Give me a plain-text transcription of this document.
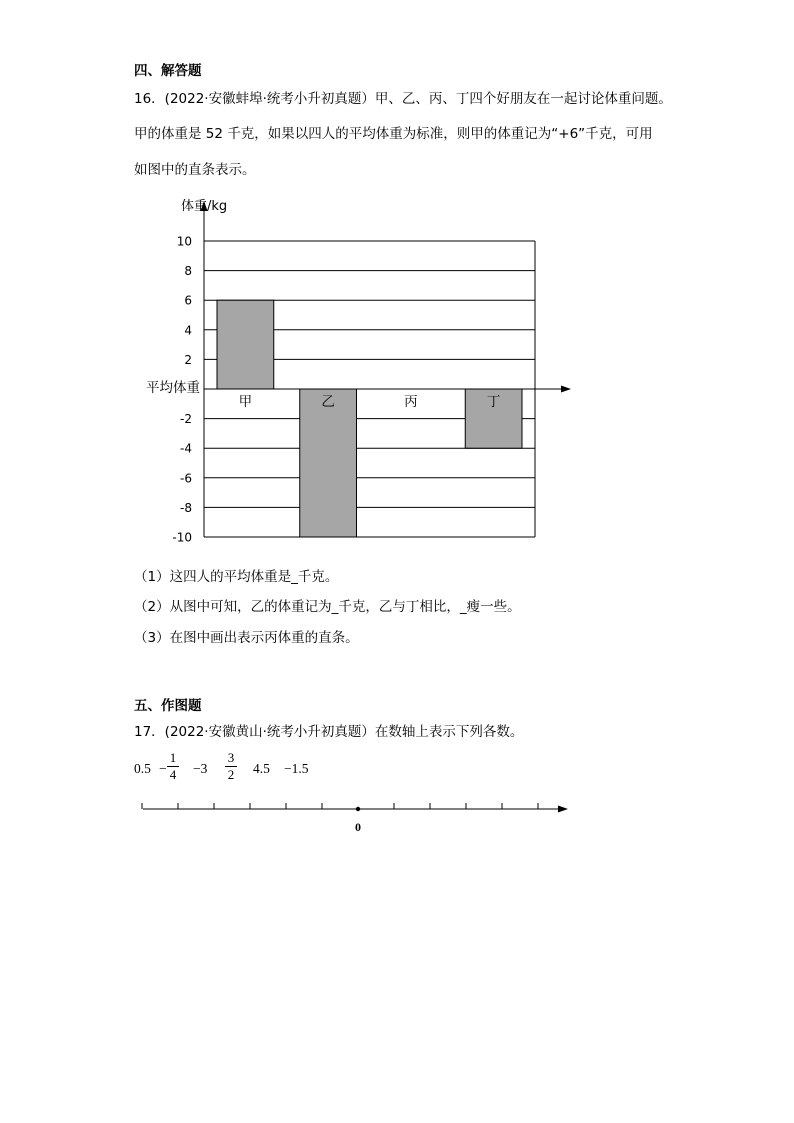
四、解答题
16．(2022·安徽蚌埠·统考小升初真题）甲、乙、丙、丁四个好朋友在一起讨论体重问题。
甲的体重是 52 千克，如果以四人的平均体重为标准，则甲的体重记为“+6”千克，可用
如图中的直条表示。
10
8
6
4
2
-2
-4
-6
-8
-10
体重/kg
平均体重
甲	乙	丙	丁
（1）这四人的平均体重是_千克。
（2）从图中可知，乙的体重记为_千克，乙与丁相比，_瘦一些。
（3）在图中画出表示丙体重的直条。
五、作图题
17．(2022·安徽黄山·统考小升初真题）在数轴上表示下列各数。
0.5 −
1
4 −3
3
2 4.5 −1.5
0
